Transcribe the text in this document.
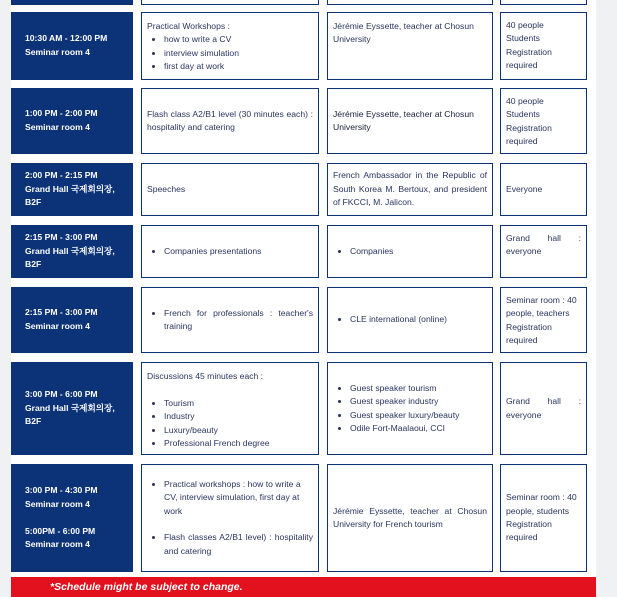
10:30 AM - 12:00 PM
Seminar room 4
Practical Workshops :
• how to write a CV
• interview simulation
• first day at work
Jérémie Eyssette, teacher at Chosun University
40 people
Students
Registration required
1:00 PM - 2:00 PM
Seminar room 4
Flash class A2/B1 level (30 minutes each) : hospitality and catering
Jérémie Eyssette, teacher at Chosun University
40 people
Students
Registration required
2:00 PM - 2:15 PM
Grand Hall 국제회의장, B2F
Speeches
French Ambassador in the Republic of South Korea M. Bertoux, and president of FKCCI, M. Jalicon.
Everyone
2:15 PM - 3:00 PM
Grand Hall 국제회의장, B2F
• Companies presentations
•	Companies
Grand hall : everyone
2:15 PM - 3:00 PM
Seminar room 4
• French for professionals : teacher's training
• CLE international (online)
Seminar room : 40 people, teachers Registration required
3:00 PM - 6:00 PM
Grand Hall 국제회의장, B2F
Discussions 45 minutes each :
• Tourism
• Industry
• Luxury/beauty
• Professional French degree
• Guest speaker tourism
• Guest speaker industry
• Guest speaker luxury/beauty
• Odile Fort-Maalaoui, CCI
Grand hall : everyone
3:00 PM - 4:30 PM
Seminar room 4
5:00PM - 6:00 PM
Seminar room 4
• Practical workshops : how to write a CV, interview simulation, first day at work
• Flash classes A2/B1 level) : hospitality and catering
Jérémie Eyssette, teacher at Chosun University for French tourism
Seminar room : 40 people, students Registration required
*Schedule might be subject to change.
